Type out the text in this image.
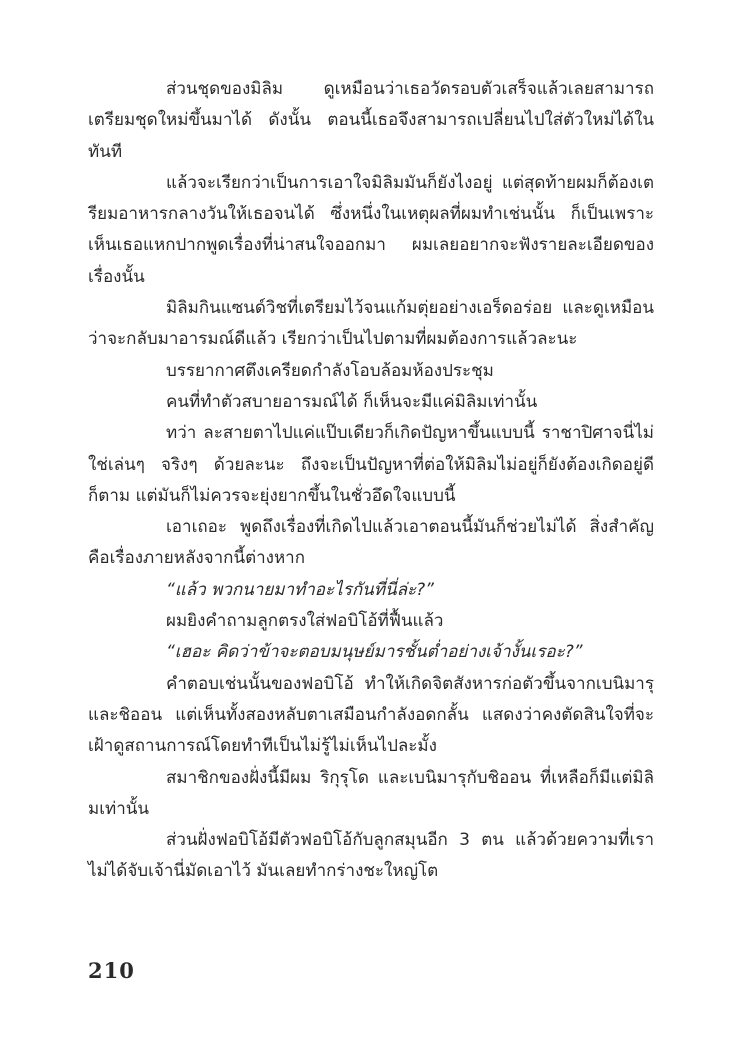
ส่วนชุดของมิลิม ดูเหมือนว่าเธอวัดรอบตัวเสร็จแล้วเลยสามารถเตรียมชุดใหม่ขึ้นมาได้ ดังนั้น ตอนนี้เธอจึงสามารถเปลี่ยนไปใส่ตัวใหม่ได้ในทันที

แล้วจะเรียกว่าเป็นการเอาใจมิลิมมันก็ยังไงอยู่ แต่สุดท้ายผมก็ต้องเตรียมอาหารกลางวันให้เธอจนได้ ซึ่งหนึ่งในเหตุผลที่ผมทำเช่นนั้น ก็เป็นเพราะเห็นเธอแหกปากพูดเรื่องที่น่าสนใจออกมา ผมเลยอยากจะฟังรายละเอียดของเรื่องนั้น

มิลิมกินแซนด์วิชที่เตรียมไว้จนแก้มตุ่ยอย่างเอร็ดอร่อย และดูเหมือนว่าจะกลับมาอารมณ์ดีแล้ว เรียกว่าเป็นไปตามที่ผมต้องการแล้วละนะ

บรรยากาศตึงเครียดกำลังโอบล้อมห้องประชุม

คนที่ทำตัวสบายอารมณ์ได้ ก็เห็นจะมีแค่มิลิมเท่านั้น

ทว่า ละสายตาไปแค่แป๊บเดียวก็เกิดปัญหาขึ้นแบบนี้ ราชาปิศาจนี่ไม่ใช่เล่นๆ จริงๆ ด้วยละนะ ถึงจะเป็นปัญหาที่ต่อให้มิลิมไม่อยู่ก็ยังต้องเกิดอยู่ดีก็ตาม แต่มันก็ไม่ควรจะยุ่งยากขึ้นในชั่วอึดใจแบบนี้

เอาเถอะ พูดถึงเรื่องที่เกิดไปแล้วเอาตอนนี้มันก็ช่วยไม่ได้ สิ่งสำคัญคือเรื่องภายหลังจากนี้ต่างหาก

“แล้ว พวกนายมาทำอะไรกันที่นี่ล่ะ?”

ผมยิงคำถามลูกตรงใส่ฟอบิโอ้ที่ฟื้นแล้ว

“เฮอะ คิดว่าข้าจะตอบมนุษย์มารชั้นต่ำอย่างเจ้างั้นเรอะ?”

คำตอบเช่นนั้นของฟอบิโอ้ ทำให้เกิดจิตสังหารก่อตัวขึ้นจากเบนิมารุและชิออน แต่เห็นทั้งสองหลับตาเสมือนกำลังอดกลั้น แสดงว่าคงตัดสินใจที่จะเฝ้าดูสถานการณ์โดยทำทีเป็นไม่รู้ไม่เห็นไปละมั้ง

สมาชิกของฝั่งนี้มีผม ริกุรุโด และเบนิมารุกับชิออน ที่เหลือก็มีแต่มิลิมเท่านั้น

ส่วนฝั่งฟอบิโอ้มีตัวฟอบิโอ้กับลูกสมุนอีก 3 ตน แล้วด้วยความที่เราไม่ได้จับเจ้านี่มัดเอาไว้ มันเลยทำกร่างชะใหญ่โต

210
